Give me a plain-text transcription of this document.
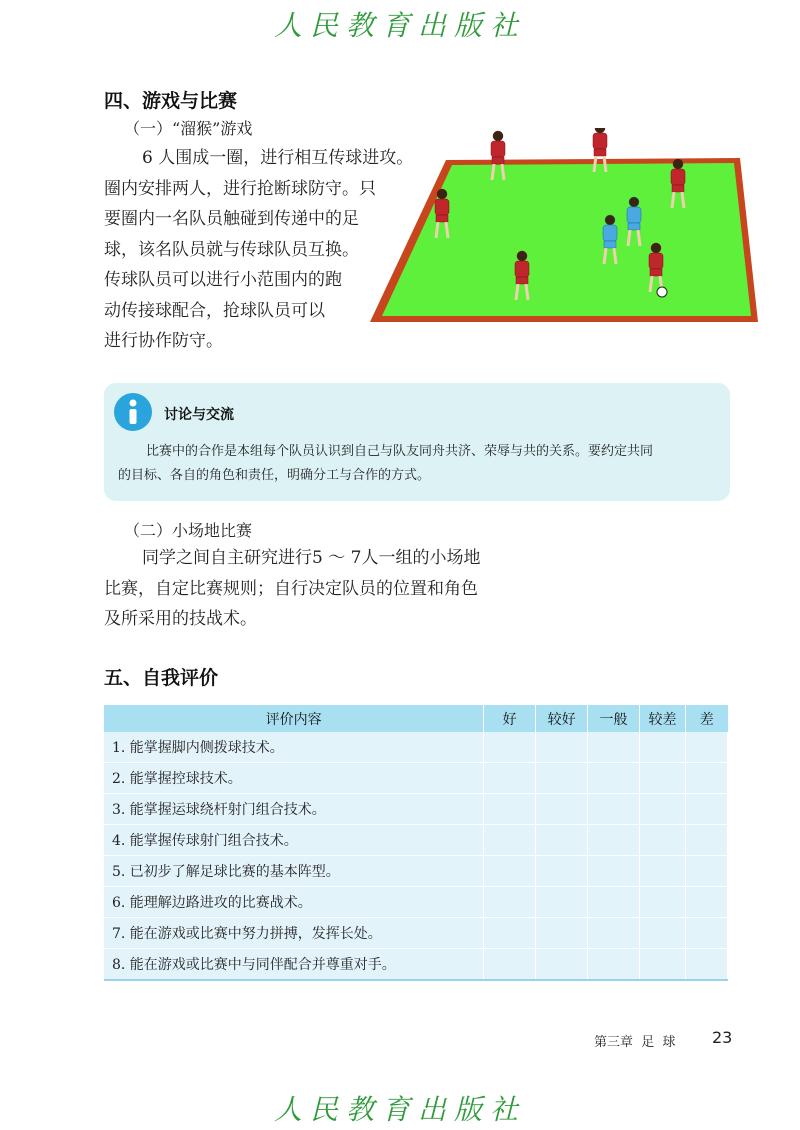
人民教育出版社
四、游戏与比赛
（一）“溜猴”游戏
6 人围成一圈，进行相互传球进攻。
圈内安排两人，进行抢断球防守。只
要圈内一名队员触碰到传递中的足
球，该名队员就与传球队员互换。
传球队员可以进行小范围内的跑
动传接球配合，抢球队员可以
进行协作防守。
讨论与交流
比赛中的合作是本组每个队员认识到自己与队友同舟共济、荣辱与共的关系。要约定共同
的目标、各自的角色和责任，明确分工与合作的方式。
（二）小场地比赛
同学之间自主研究进行5 ～ 7人一组的小场地
比赛，自定比赛规则；自行决定队员的位置和角色
及所采用的技战术。
五、自我评价
评价内容	好	较好	一般	较差	差
1. 能掌握脚内侧拨球技术。					
2. 能掌握控球技术。					
3. 能掌握运球绕杆射门组合技术。					
4. 能掌握传球射门组合技术。					
5. 已初步了解足球比赛的基本阵型。					
6. 能理解边路进攻的比赛战术。					
7. 能在游戏或比赛中努力拼搏，发挥长处。					
8. 能在游戏或比赛中与同伴配合并尊重对手。					
第三章  足  球 23
人民教育出版社
